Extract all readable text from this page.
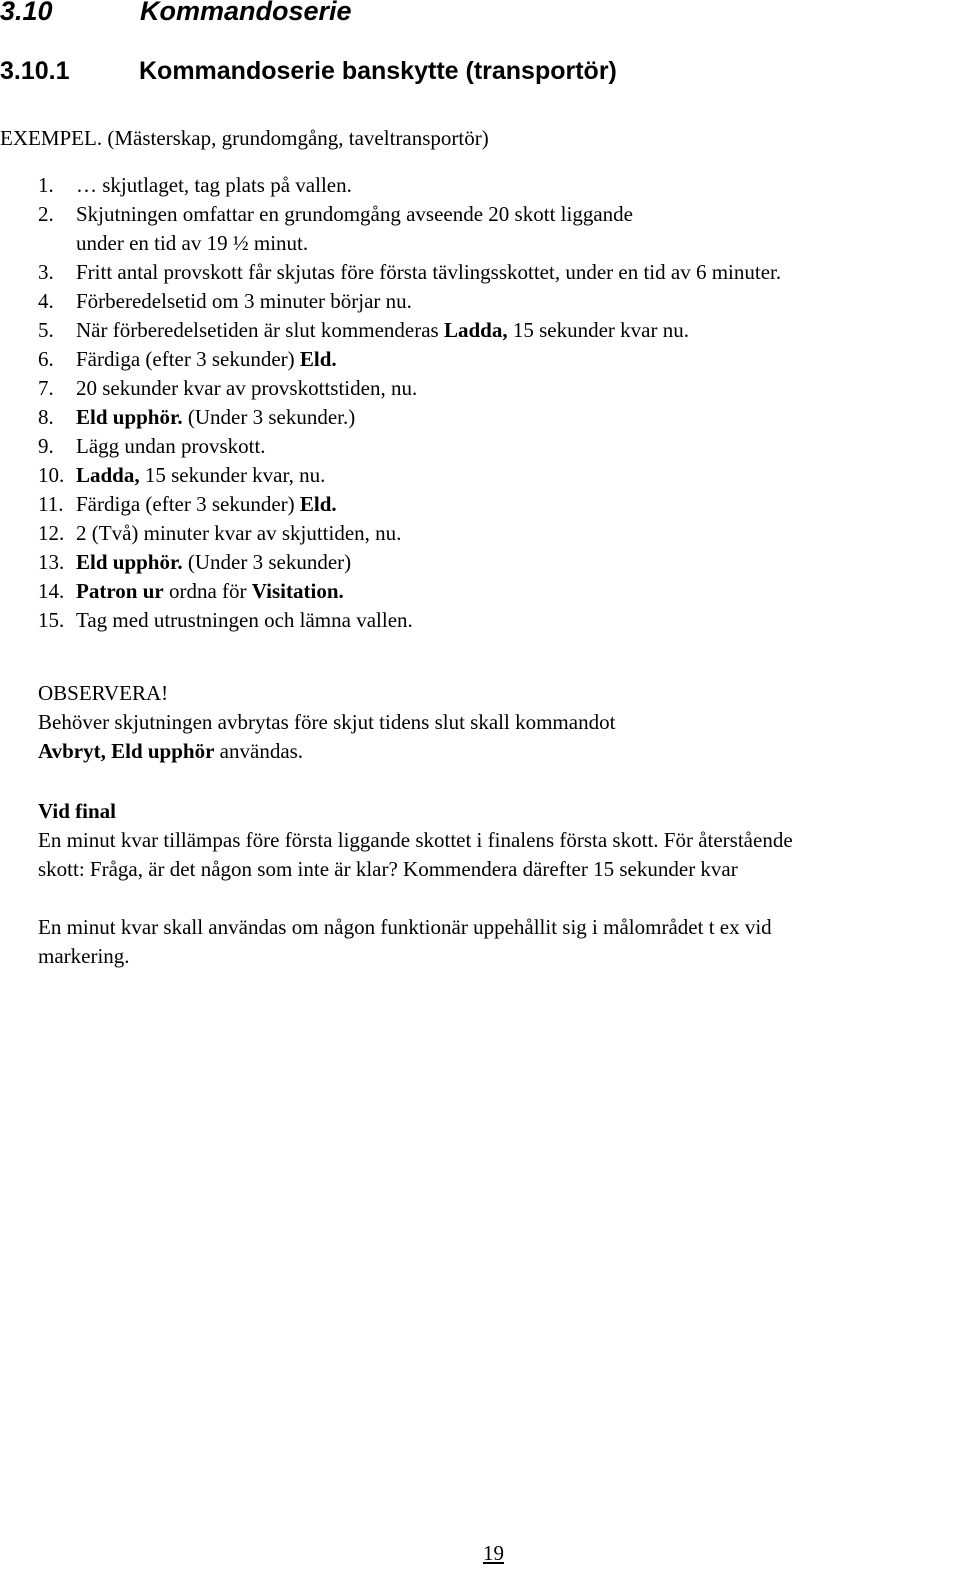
3.10	Kommandoserie
3.10.1	Kommandoserie banskytte (transportör)
EXEMPEL. (Mästerskap, grundomgång, taveltransportör)
1. … skjutlaget, tag plats på vallen.
2. Skjutningen omfattar en grundomgång avseende 20 skott liggande
under en tid av 19 ½ minut.
3. Fritt antal provskott får skjutas före första tävlingsskottet, under en tid av 6 minuter.
4. Förberedelsetid om 3 minuter börjar nu.
5. När förberedelsetiden är slut kommenderas Ladda, 15 sekunder kvar nu.
6. Färdiga (efter 3 sekunder) Eld.
7. 20 sekunder kvar av provskottstiden, nu.
8. Eld upphör. (Under 3 sekunder.)
9. Lägg undan provskott.
10. Ladda, 15 sekunder kvar, nu.
11. Färdiga (efter 3 sekunder) Eld.
12. 2 (Två) minuter kvar av skjuttiden, nu.
13. Eld upphör. (Under 3 sekunder)
14. Patron ur ordna för Visitation.
15. Tag med utrustningen och lämna vallen.
OBSERVERA!
Behöver skjutningen avbrytas före skjut tidens slut skall kommandot
Avbryt, Eld upphör användas.
Vid final
En minut kvar tillämpas före första liggande skottet i finalens första skott. För återstående
skott: Fråga, är det någon som inte är klar? Kommendera därefter 15 sekunder kvar
En minut kvar skall användas om någon funktionär uppehållit sig i målområdet t ex vid
markering.
19
